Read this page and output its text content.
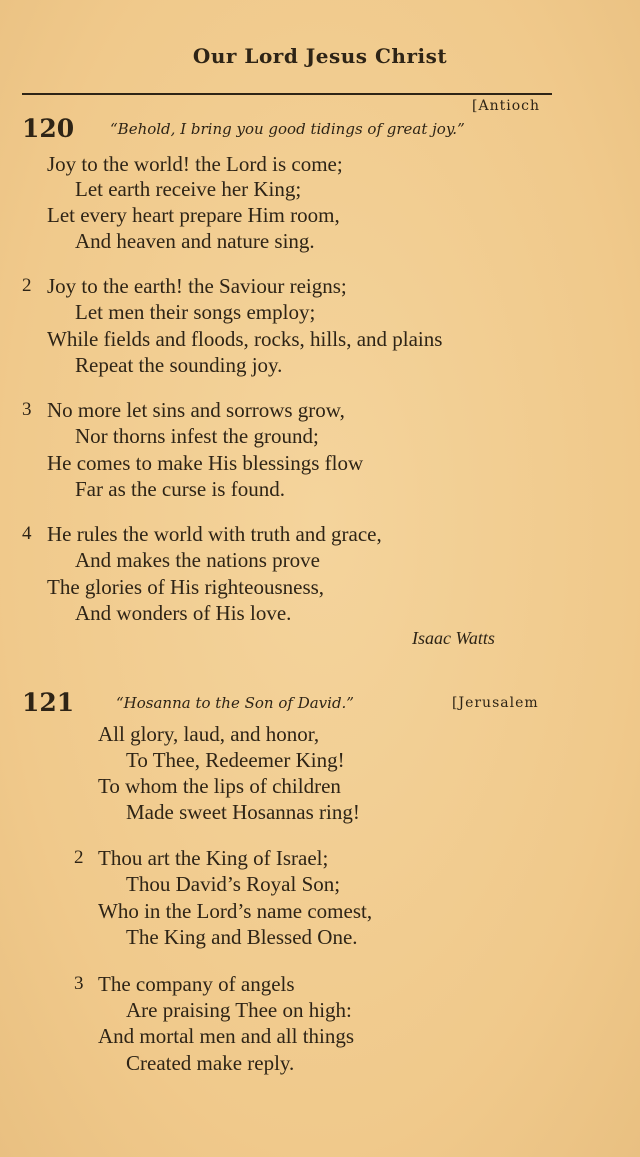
Our Lord Jesus Christ
[Antioch
120 “Behold, I bring you good tidings of great joy.”
Joy to the world! the Lord is come;
Let earth receive her King;
Let every heart prepare Him room,
And heaven and nature sing.
2 Joy to the earth! the Saviour reigns;
Let men their songs employ;
While fields and floods, rocks, hills, and plains
Repeat the sounding joy.
3 No more let sins and sorrows grow,
Nor thorns infest the ground;
He comes to make His blessings flow
Far as the curse is found.
4 He rules the world with truth and grace,
And makes the nations prove
The glories of His righteousness,
And wonders of His love.
Isaac Watts
121	“Hosanna to the Son of David.”	[Jerusalem
All glory, laud, and honor,
To Thee, Redeemer King!
To whom the lips of children
Made sweet Hosannas ring!
2 Thou art the King of Israel;
Thou David’s Royal Son;
Who in the Lord’s name comest,
The King and Blessed One.
3 The company of angels
Are praising Thee on high:
And mortal men and all things
Created make reply.
